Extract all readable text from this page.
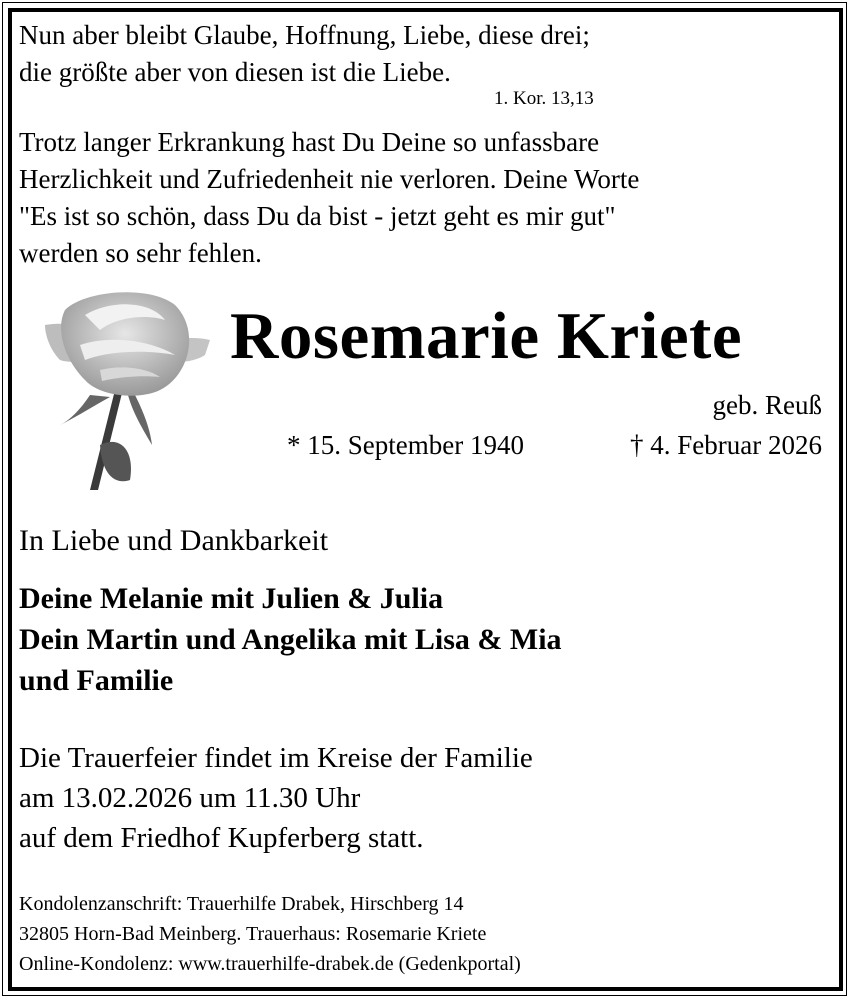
Nun aber bleibt Glaube, Hoffnung, Liebe, diese drei;
die größte aber von diesen ist die Liebe.
1. Kor. 13,13
Trotz langer Erkrankung hast Du Deine so unfassbare
Herzlichkeit und Zufriedenheit nie verloren. Deine Worte
"Es ist so schön, dass Du da bist - jetzt geht es mir gut"
werden so sehr fehlen.
Rosemarie Kriete
geb. Reuß
* 15. September 1940	† 4. Februar 2026
In Liebe und Dankbarkeit
Deine Melanie mit Julien & Julia
Dein Martin und Angelika mit Lisa & Mia
und Familie
Die Trauerfeier findet im Kreise der Familie
am 13.02.2026 um 11.30 Uhr
auf dem Friedhof Kupferberg statt.
Kondolenzanschrift: Trauerhilfe Drabek, Hirschberg 14
32805 Horn-Bad Meinberg. Trauerhaus: Rosemarie Kriete
Online-Kondolenz: www.trauerhilfe-drabek.de (Gedenkportal)
